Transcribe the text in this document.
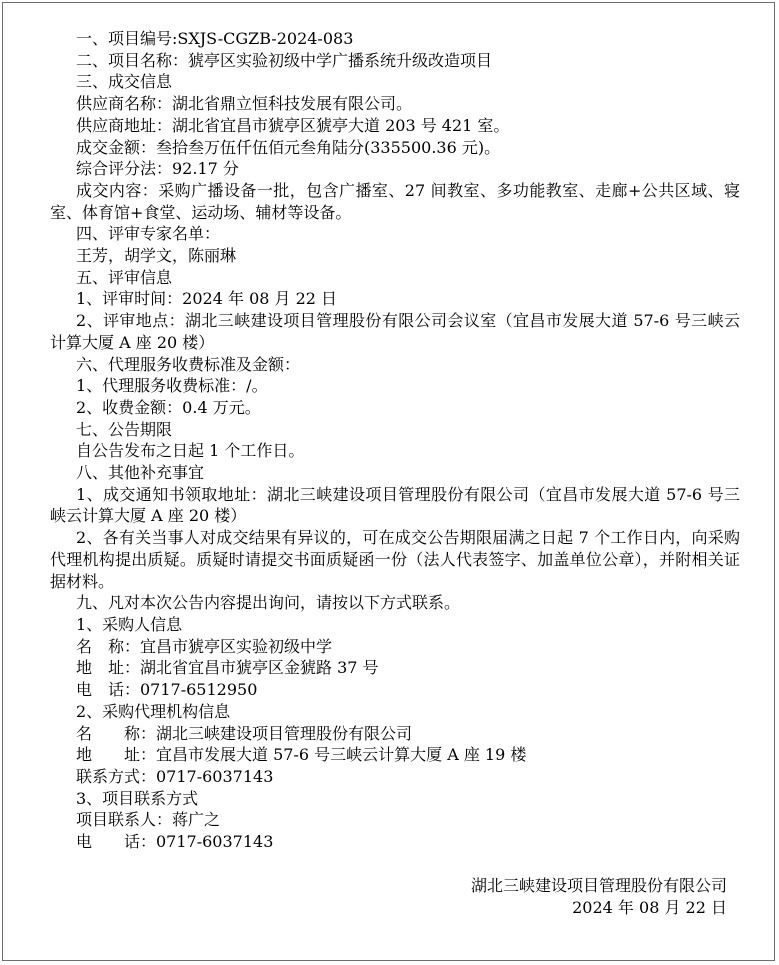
一、项目编号:SXJS-CGZB-2024-083

二、项目名称：猇亭区实验初级中学广播系统升级改造项目

三、成交信息

供应商名称：湖北省鼎立恒科技发展有限公司。

供应商地址：湖北省宜昌市猇亭区猇亭大道 203 号 421 室。

成交金额：叁拾叁万伍仟伍佰元叁角陆分(335500.36 元)。

综合评分法：92.17 分

成交内容：采购广播设备一批，包含广播室、27 间教室、多功能教室、走廊+公共区域、寝室、体育馆+食堂、运动场、辅材等设备。

四、评审专家名单：

王芳，胡学文，陈丽琳

五、评审信息

1、评审时间：2024 年 08 月 22 日

2、评审地点：湖北三峡建设项目管理股份有限公司会议室（宜昌市发展大道 57-6 号三峡云计算大厦 A 座 20 楼）

六、代理服务收费标准及金额：

1、代理服务收费标准：/。

2、收费金额：0.4 万元。

七、公告期限

自公告发布之日起 1 个工作日。

八、其他补充事宜

1、成交通知书领取地址：湖北三峡建设项目管理股份有限公司（宜昌市发展大道 57-6 号三峡云计算大厦 A 座 20 楼）

2、各有关当事人对成交结果有异议的，可在成交公告期限届满之日起 7 个工作日内，向采购代理机构提出质疑。质疑时请提交书面质疑函一份（法人代表签字、加盖单位公章），并附相关证据材料。

九、凡对本次公告内容提出询问，请按以下方式联系。

1、采购人信息

名　称：宜昌市猇亭区实验初级中学

地　址：湖北省宜昌市猇亭区金猇路 37 号

电　话：0717-6512950

2、采购代理机构信息

名　　称：湖北三峡建设项目管理股份有限公司

地　　址：宜昌市发展大道 57-6 号三峡云计算大厦 A 座 19 楼

联系方式：0717-6037143

3、项目联系方式

项目联系人：蒋广之

电　　话：0717-6037143

湖北三峡建设项目管理股份有限公司
2024 年 08 月 22 日
